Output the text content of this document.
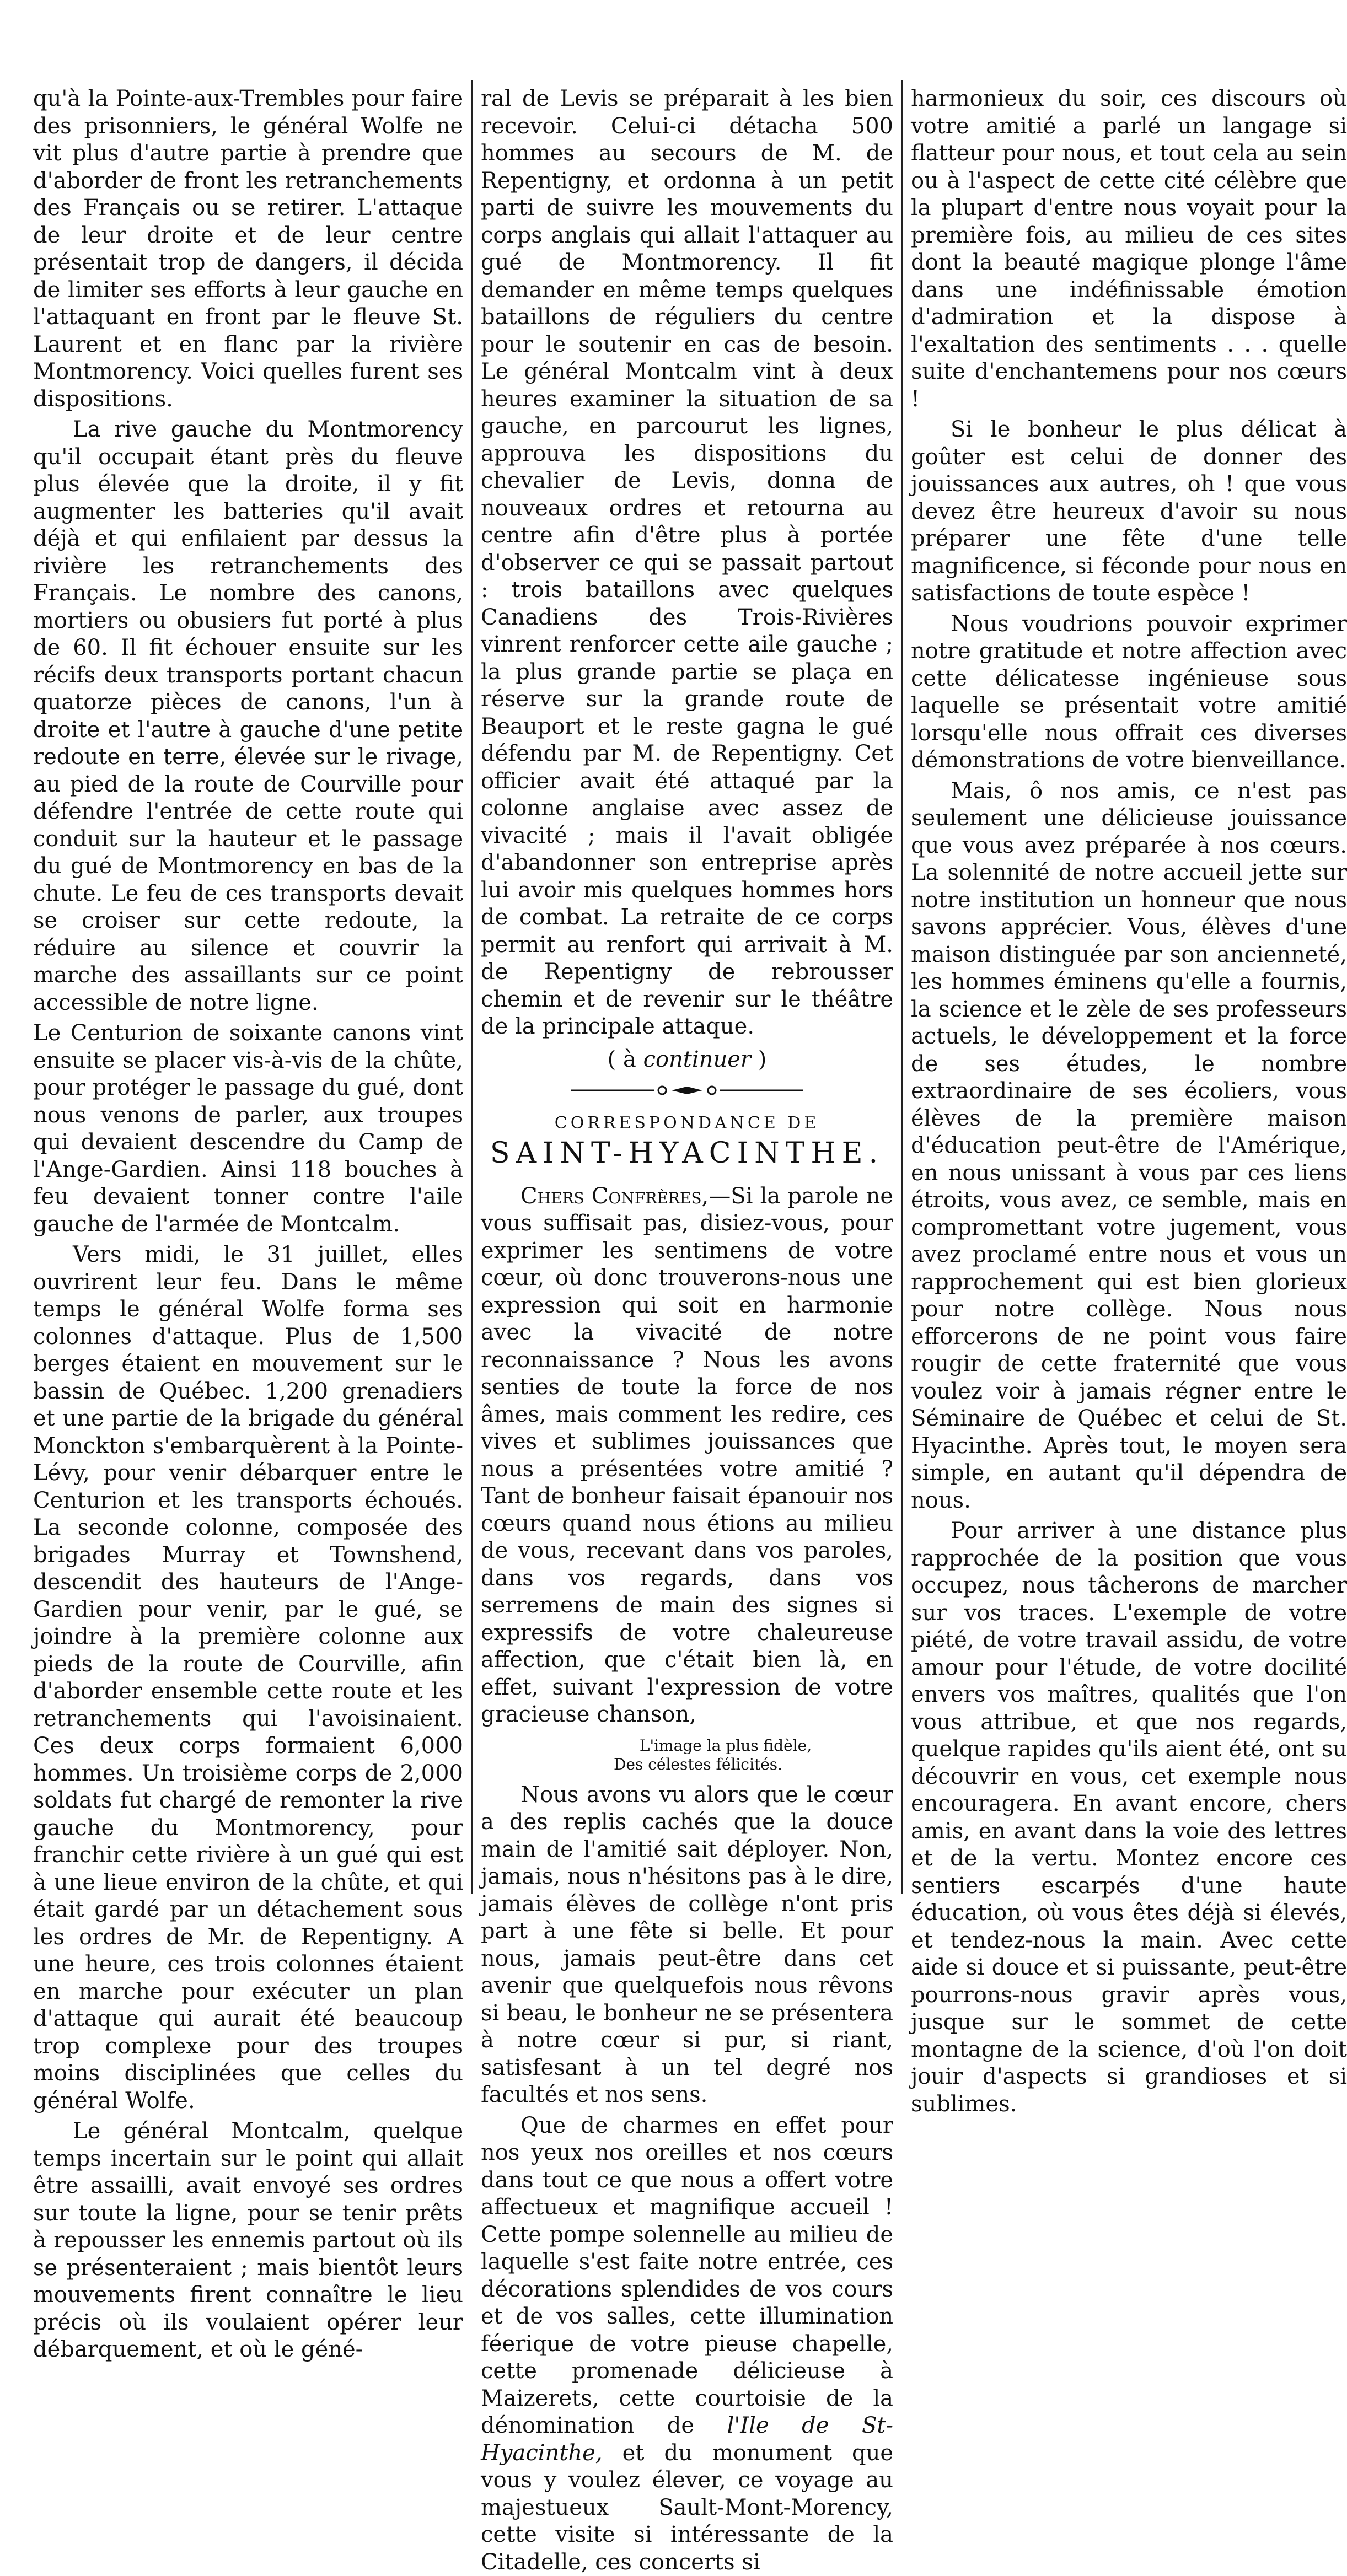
qu'à la Pointe-aux-Trembles pour faire des prisonniers, le général Wolfe ne vit plus d'autre partie à prendre que d'aborder de front les retranchements des Français ou se retirer. L'attaque de leur droite et de leur centre présentait trop de dangers, il décida de limiter ses efforts à leur gauche en l'attaquant en front par le fleuve St. Laurent et en flanc par la rivière Montmorency. Voici quelles furent ses dispositions.

La rive gauche du Montmorency qu'il occupait étant près du fleuve plus élevée que la droite, il y fit augmenter les batteries qu'il avait déjà et qui enfilaient par dessus la rivière les retranchements des Français. Le nombre des canons, mortiers ou obusiers fut porté à plus de 60. Il fit échouer ensuite sur les récifs deux transports portant chacun quatorze pièces de canons, l'un à droite et l'autre à gauche d'une petite redoute en terre, élevée sur le rivage, au pied de la route de Courville pour défendre l'entrée de cette route qui conduit sur la hauteur et le passage du gué de Montmorency en bas de la chute. Le feu de ces transports devait se croiser sur cette redoute, la réduire au silence et couvrir la marche des assaillants sur ce point accessible de notre ligne.

Le Centurion de soixante canons vint ensuite se placer vis-à-vis de la chûte, pour protéger le passage du gué, dont nous venons de parler, aux troupes qui devaient descendre du Camp de l'Ange-Gardien. Ainsi 118 bouches à feu devaient tonner contre l'aile gauche de l'armée de Montcalm.

Vers midi, le 31 juillet, elles ouvrirent leur feu. Dans le même temps le général Wolfe forma ses colonnes d'attaque. Plus de 1,500 berges étaient en mouvement sur le bassin de Québec. 1,200 grenadiers et une partie de la brigade du général Monckton s'embarquèrent à la Pointe-Lévy, pour venir débarquer entre le Centurion et les transports échoués. La seconde colonne, composée des brigades Murray et Townshend, descendit des hauteurs de l'Ange-Gardien pour venir, par le gué, se joindre à la première colonne aux pieds de la route de Courville, afin d'aborder ensemble cette route et les retranchements qui l'avoisinaient. Ces deux corps formaient 6,000 hommes. Un troisième corps de 2,000 soldats fut chargé de remonter la rive gauche du Montmorency, pour franchir cette rivière à un gué qui est à une lieue environ de la chûte, et qui était gardé par un détachement sous les ordres de Mr. de Repentigny. A une heure, ces trois colonnes étaient en marche pour exécuter un plan d'attaque qui aurait été beaucoup trop complexe pour des troupes moins disciplinées que celles du général Wolfe.

Le général Montcalm, quelque temps incertain sur le point qui allait être assailli, avait envoyé ses ordres sur toute la ligne, pour se tenir prêts à repousser les ennemis partout où ils se présenteraient ; mais bientôt leurs mouvements firent connaître le lieu précis où ils voulaient opérer leur débarquement, et où le géné-

ral de Levis se préparait à les bien recevoir. Celui-ci détacha 500 hommes au secours de M. de Repentigny, et ordonna à un petit parti de suivre les mouvements du corps anglais qui allait l'attaquer au gué de Montmorency. Il fit demander en même temps quelques bataillons de réguliers du centre pour le soutenir en cas de besoin. Le général Montcalm vint à deux heures examiner la situation de sa gauche, en parcourut les lignes, approuva les dispositions du chevalier de Levis, donna de nouveaux ordres et retourna au centre afin d'être plus à portée d'observer ce qui se passait partout : trois bataillons avec quelques Canadiens des Trois-Rivières vinrent renforcer cette aile gauche ; la plus grande partie se plaça en réserve sur la grande route de Beauport et le reste gagna le gué défendu par M. de Repentigny. Cet officier avait été attaqué par la colonne anglaise avec assez de vivacité ; mais il l'avait obligée d'abandonner son entreprise après lui avoir mis quelques hommes hors de combat. La retraite de ce corps permit au renfort qui arrivait à M. de Repentigny de rebrousser chemin et de revenir sur le théâtre de la principale attaque.

( à continuer )
CORRESPONDANCE DE
SAINT-HYACINTHE.

Chers Confrères,—Si la parole ne vous suffisait pas, disiez-vous, pour exprimer les sentimens de votre cœur, où donc trouverons-nous une expression qui soit en harmonie avec la vivacité de notre reconnaissance ? Nous les avons senties de toute la force de nos âmes, mais comment les redire, ces vives et sublimes jouissances que nous a présentées votre amitié ? Tant de bonheur faisait épanouir nos cœurs quand nous étions au milieu de vous, recevant dans vos paroles, dans vos regards, dans vos serremens de main des signes si expressifs de votre chaleureuse affection, que c'était bien là, en effet, suivant l'expression de votre gracieuse chanson,

L'image la plus fidèle,
Des célestes félicités.

Nous avons vu alors que le cœur a des replis cachés que la douce main de l'amitié sait déployer. Non, jamais, nous n'hésitons pas à le dire, jamais élèves de collège n'ont pris part à une fête si belle. Et pour nous, jamais peut-être dans cet avenir que quelquefois nous rêvons si beau, le bonheur ne se présentera à notre cœur si pur, si riant, satisfesant à un tel degré nos facultés et nos sens.

Que de charmes en effet pour nos yeux nos oreilles et nos cœurs dans tout ce que nous a offert votre affectueux et magnifique accueil ! Cette pompe solennelle au milieu de laquelle s'est faite notre entrée, ces décorations splendides de vos cours et de vos salles, cette illumination féerique de votre pieuse chapelle, cette promenade délicieuse à Maizerets, cette courtoisie de la dénomination de l'Ile de St-Hyacinthe, et du monument que vous y voulez élever, ce voyage au majestueux Sault-Mont-Morency, cette visite si intéressante de la Citadelle, ces concerts si

harmonieux du soir, ces discours où votre amitié a parlé un langage si flatteur pour nous, et tout cela au sein ou à l'aspect de cette cité célèbre que la plupart d'entre nous voyait pour la première fois, au milieu de ces sites dont la beauté magique plonge l'âme dans une indéfinissable émotion d'admiration et la dispose à l'exaltation des sentiments . . . quelle suite d'enchantemens pour nos cœurs !

Si le bonheur le plus délicat à goûter est celui de donner des jouissances aux autres, oh ! que vous devez être heureux d'avoir su nous préparer une fête d'une telle magnificence, si féconde pour nous en satisfactions de toute espèce !

Nous voudrions pouvoir exprimer notre gratitude et notre affection avec cette délicatesse ingénieuse sous laquelle se présentait votre amitié lorsqu'elle nous offrait ces diverses démonstrations de votre bienveillance.

Mais, ô nos amis, ce n'est pas seulement une délicieuse jouissance que vous avez préparée à nos cœurs. La solennité de notre accueil jette sur notre institution un honneur que nous savons apprécier. Vous, élèves d'une maison distinguée par son ancienneté, les hommes éminens qu'elle a fournis, la science et le zèle de ses professeurs actuels, le développement et la force de ses études, le nombre extraordinaire de ses écoliers, vous élèves de la première maison d'éducation peut-être de l'Amérique, en nous unissant à vous par ces liens étroits, vous avez, ce semble, mais en compromettant votre jugement, vous avez proclamé entre nous et vous un rapprochement qui est bien glorieux pour notre collège. Nous nous efforcerons de ne point vous faire rougir de cette fraternité que vous voulez voir à jamais régner entre le Séminaire de Québec et celui de St. Hyacinthe. Après tout, le moyen sera simple, en autant qu'il dépendra de nous.

Pour arriver à une distance plus rapprochée de la position que vous occupez, nous tâcherons de marcher sur vos traces. L'exemple de votre piété, de votre travail assidu, de votre amour pour l'étude, de votre docilité envers vos maîtres, qualités que l'on vous attribue, et que nos regards, quelque rapides qu'ils aient été, ont su découvrir en vous, cet exemple nous encouragera. En avant encore, chers amis, en avant dans la voie des lettres et de la vertu. Montez encore ces sentiers escarpés d'une haute éducation, où vous êtes déjà si élevés, et tendez-nous la main. Avec cette aide si douce et si puissante, peut-être pourrons-nous gravir après vous, jusque sur le sommet de cette montagne de la science, d'où l'on doit jouir d'aspects si grandioses et si sublimes.
